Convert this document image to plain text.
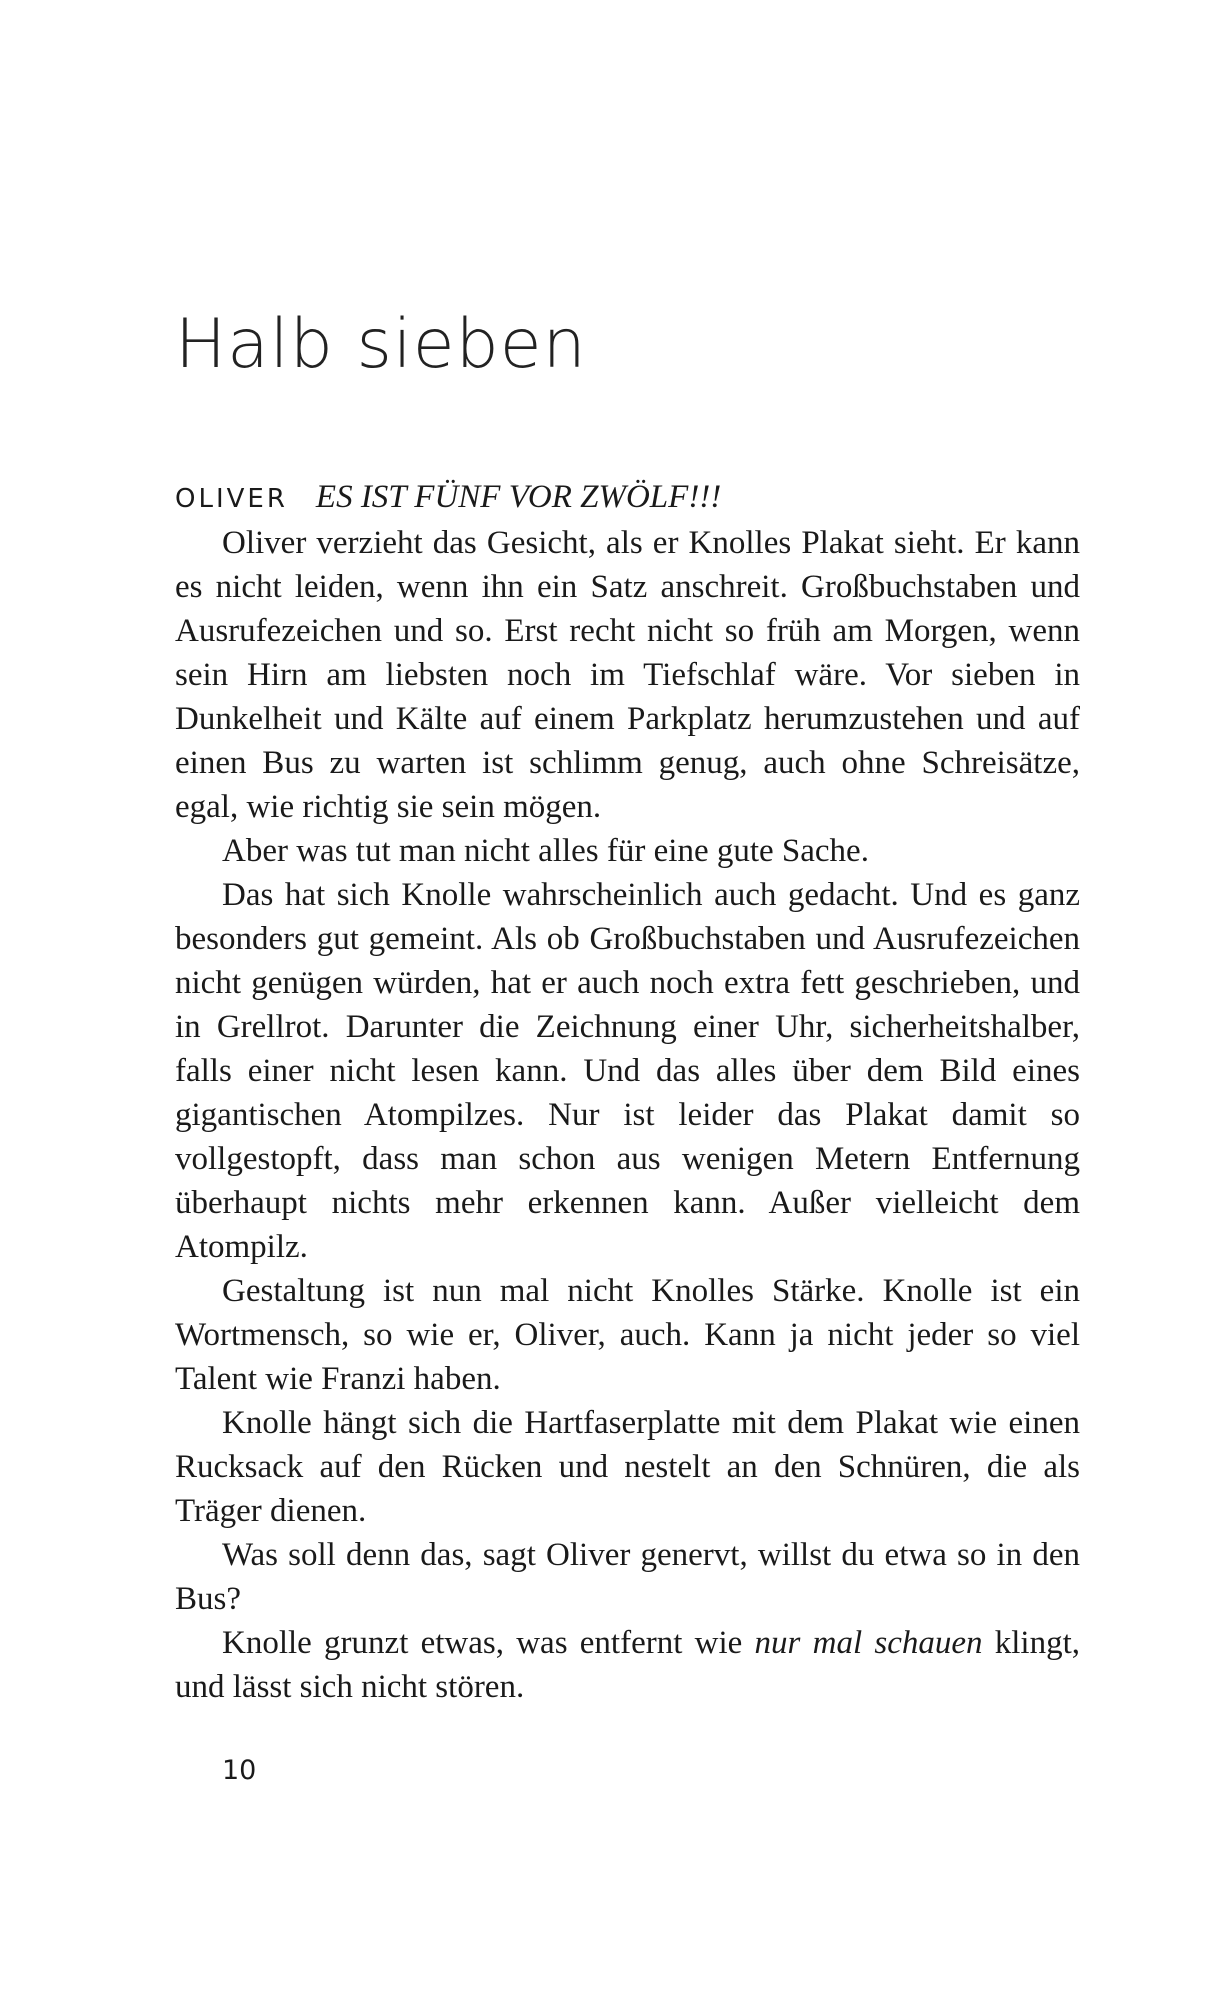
Halb sieben

OLIVER ES IST FÜNF VOR ZWÖLF!!!

Oliver verzieht das Gesicht, als er Knolles Plakat sieht. Er kann es nicht leiden, wenn ihn ein Satz anschreit. Großbuchstaben und Ausrufezeichen und so. Erst recht nicht so früh am Morgen, wenn sein Hirn am liebsten noch im Tiefschlaf wäre. Vor sieben in Dunkelheit und Kälte auf einem Parkplatz herumzustehen und auf einen Bus zu warten ist schlimm genug, auch ohne Schreisätze, egal, wie richtig sie sein mögen.

Aber was tut man nicht alles für eine gute Sache.

Das hat sich Knolle wahrscheinlich auch gedacht. Und es ganz besonders gut gemeint. Als ob Großbuchstaben und Ausrufezeichen nicht genügen würden, hat er auch noch extra fett geschrieben, und in Grellrot. Darunter die Zeichnung einer Uhr, sicherheitshalber, falls einer nicht lesen kann. Und das alles über dem Bild eines gigantischen Atompilzes. Nur ist leider das Plakat damit so vollgestopft, dass man schon aus wenigen Metern Entfernung überhaupt nichts mehr erkennen kann. Außer vielleicht dem Atompilz.

Gestaltung ist nun mal nicht Knolles Stärke. Knolle ist ein Wortmensch, so wie er, Oliver, auch. Kann ja nicht jeder so viel Talent wie Franzi haben.

Knolle hängt sich die Hartfaserplatte mit dem Plakat wie einen Rucksack auf den Rücken und nestelt an den Schnüren, die als Träger dienen.

Was soll denn das, sagt Oliver genervt, willst du etwa so in den Bus?

Knolle grunzt etwas, was entfernt wie nur mal schauen klingt, und lässt sich nicht stören.

10
